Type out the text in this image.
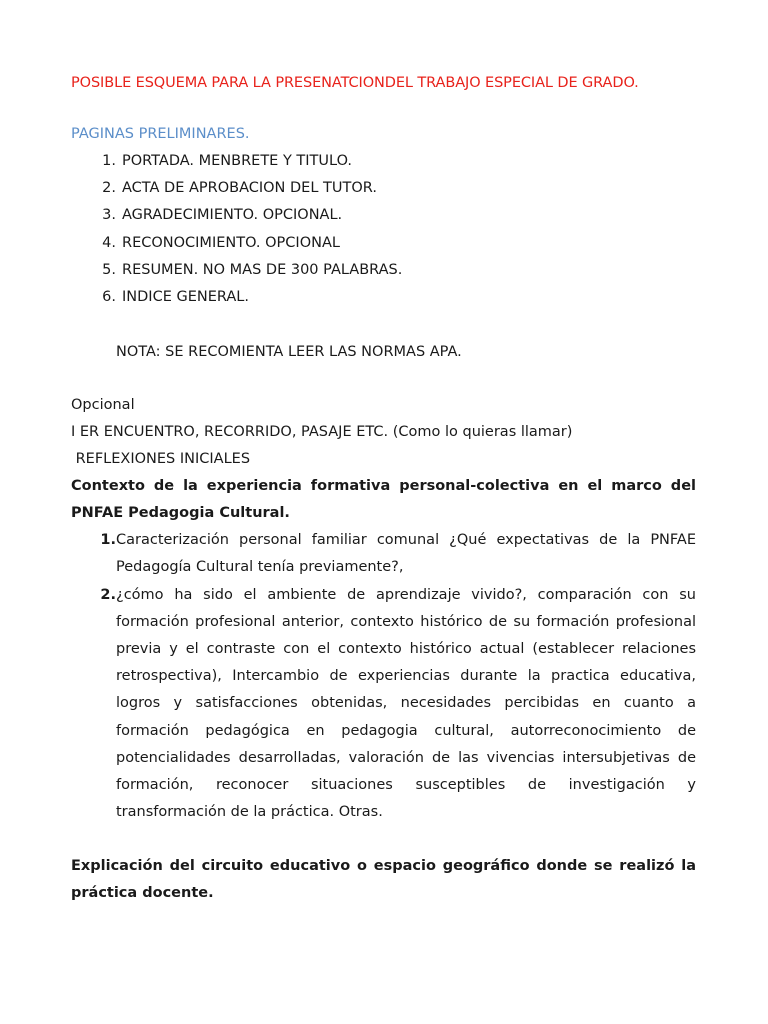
POSIBLE ESQUEMA PARA LA PRESENATCIONDEL TRABAJO ESPECIAL DE GRADO.

PAGINAS PRELIMINARES.

1. PORTADA. MENBRETE Y TITULO.
2. ACTA DE APROBACION DEL TUTOR.
3. AGRADECIMIENTO. OPCIONAL.
4. RECONOCIMIENTO. OPCIONAL
5. RESUMEN. NO MAS DE 300 PALABRAS.
6. INDICE GENERAL.

NOTA: SE RECOMIENTA LEER LAS NORMAS APA.

Opcional

I ER ENCUENTRO, RECORRIDO, PASAJE ETC. (Como lo quieras llamar)

REFLEXIONES INICIALES

Contexto de la experiencia formativa personal-colectiva en el marco del PNFAE Pedagogia Cultural.

1. Caracterización personal familiar comunal ¿Qué expectativas de la PNFAE Pedagogía Cultural tenía previamente?,
2. ¿cómo ha sido el ambiente de aprendizaje vivido?, comparación con su formación profesional anterior, contexto histórico de su formación profesional previa y el contraste con el contexto histórico actual (establecer relaciones retrospectiva), Intercambio de experiencias durante la practica educativa, logros y satisfacciones obtenidas, necesidades percibidas en cuanto a formación pedagógica en pedagogia cultural, autorreconocimiento de potencialidades desarrolladas, valoración de las vivencias intersubjetivas de formación, reconocer situaciones susceptibles de investigación y transformación de la práctica. Otras.

Explicación del circuito educativo o espacio geográfico donde se realizó la práctica docente.
